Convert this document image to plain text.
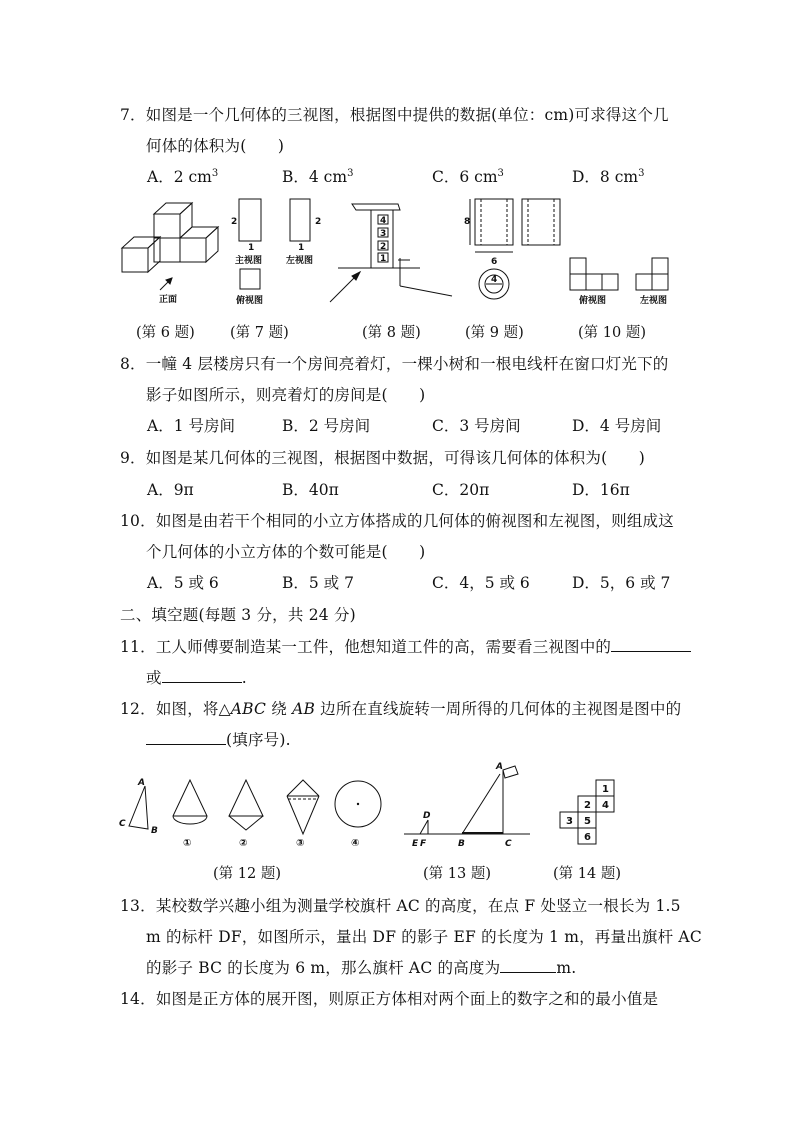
7．如图是一个几何体的三视图，根据图中提供的数据(单位：cm)可求得这个几
何体的体积为(　　)
A．2 $cm^3$	B．4 $cm^3$	C．6 $cm^3$	D．8 $cm^3$
正面
2	2
1	1
主视图	左视图
俯视图
4
3
2
1
8
6
4
俯视图	左视图
(第 6 题) (第 7 题)	(第 8 题)	(第 9 题)	(第 10 题)
8．一幢 4 层楼房只有一个房间亮着灯，一棵小树和一根电线杆在窗口灯光下的
影子如图所示，则亮着灯的房间是(　　)
A．1 号房间	B．2 号房间	C．3 号房间	D．4 号房间
9．如图是某几何体的三视图，根据图中数据，可得该几何体的体积为(　　)
A．9π	B．40π	C．20π	D．16π
10．如图是由若干个相同的小立方体搭成的几何体的俯视图和左视图，则组成这
个几何体的小立方体的个数可能是(　　)
A．5 或 6	B．5 或 7	C．4，5 或 6	D．5，6 或 7
二、填空题(每题 3 分，共 24 分)
11．工人师傅要制造某一工件，他想知道工件的高，需要看三视图中的
或	.
12．如图，将△ABC 绕 AB 边所在直线旋转一周所得的几何体的主视图是图中的
(填序号).
A
C
B
A
D
E F	B	C
①	②	③	④
1
2 4
3 5
6
(第 12 题)	(第 13 题)	(第 14 题)
13．某校数学兴趣小组为测量学校旗杆 AC 的高度，在点 F 处竖立一根长为 1.5
m 的标杆 DF，如图所示，量出 DF 的影子 EF 的长度为 1 m，再量出旗杆 AC
的影子 BC 的长度为 6 m，那么旗杆 AC 的高度为	m.
14．如图是正方体的展开图，则原正方体相对两个面上的数字之和的最小值是
